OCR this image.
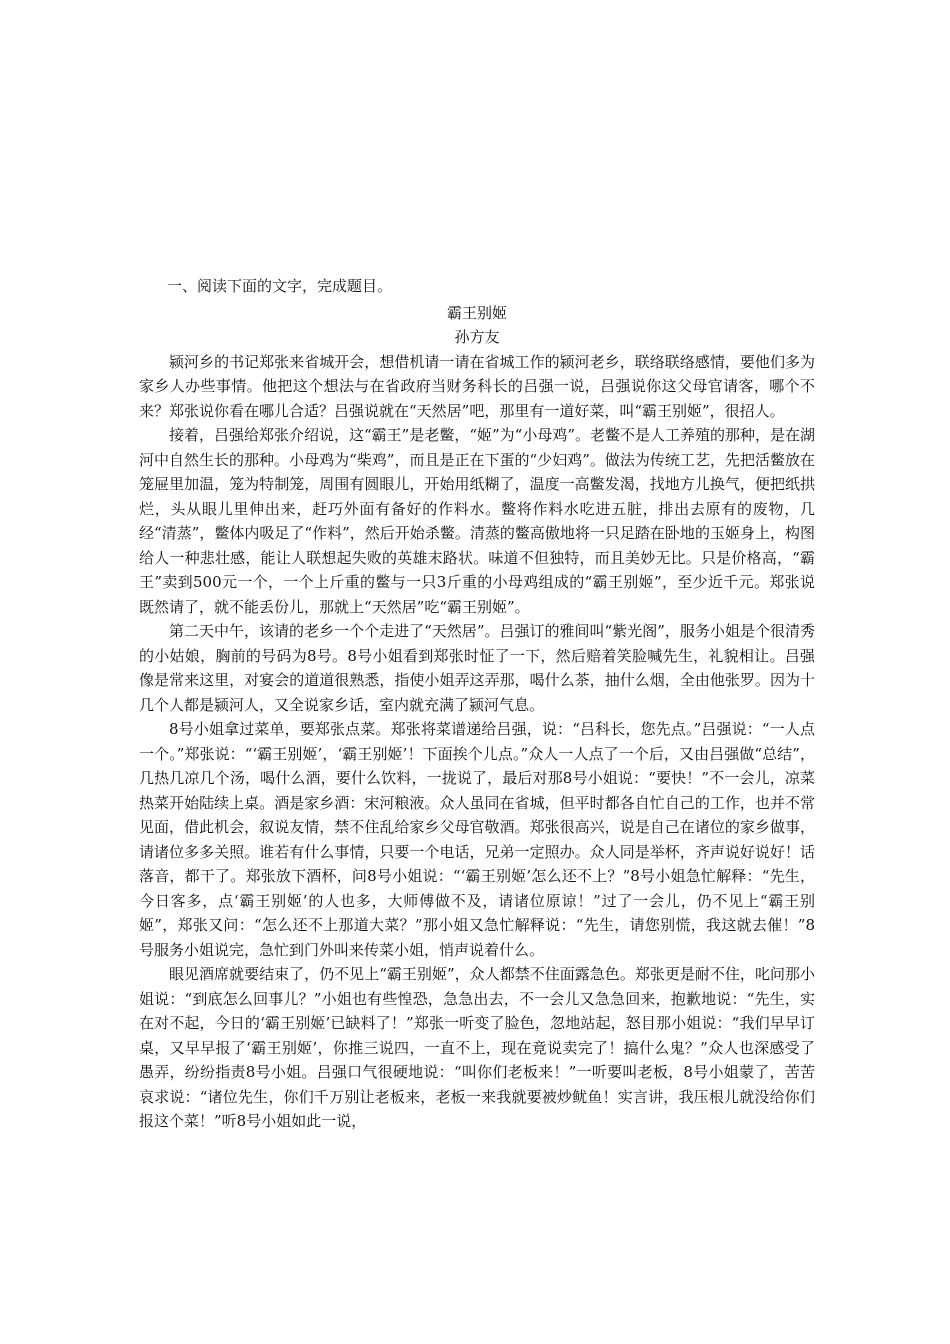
一、阅读下面的文字，完成题目。
霸王别姬
孙方友

颍河乡的书记郑张来省城开会，想借机请一请在省城工作的颍河老乡，联络联络感情，要他们多为家乡人办些事情。他把这个想法与在省政府当财务科长的吕强一说，吕强说你这父母官请客，哪个不来？郑张说你看在哪儿合适？吕强说就在“天然居”吧，那里有一道好菜，叫“霸王别姬”，很招人。

接着，吕强给郑张介绍说，这“霸王”是老鳖，“姬”为“小母鸡”。老鳖不是人工养殖的那种，是在湖河中自然生长的那种。小母鸡为“柴鸡”，而且是正在下蛋的“少妇鸡”。做法为传统工艺，先把活鳖放在笼屉里加温，笼为特制笼，周围有圆眼儿，开始用纸糊了，温度一高鳖发渴，找地方儿换气，便把纸拱烂，头从眼儿里伸出来，赶巧外面有备好的作料水。鳖将作料水吃进五脏，排出去原有的废物，几经“清蒸”，鳖体内吸足了“作料”，然后开始杀鳖。清蒸的鳖高傲地将一只足踏在卧地的玉姬身上，构图给人一种悲壮感，能让人联想起失败的英雄末路状。味道不但独特，而且美妙无比。只是价格高，“霸王”卖到500元一个，一个上斤重的鳖与一只3斤重的小母鸡组成的“霸王别姬”，至少近千元。郑张说既然请了，就不能丢份儿，那就上“天然居”吃“霸王别姬”。

第二天中午，该请的老乡一个个走进了“天然居”。吕强订的雅间叫“紫光阁”，服务小姐是个很清秀的小姑娘，胸前的号码为8号。8号小姐看到郑张时怔了一下，然后赔着笑脸喊先生，礼貌相让。吕强像是常来这里，对宴会的道道很熟悉，指使小姐弄这弄那，喝什么茶，抽什么烟，全由他张罗。因为十几个人都是颍河人，又全说家乡话，室内就充满了颍河气息。

8号小姐拿过菜单，要郑张点菜。郑张将菜谱递给吕强，说：“吕科长，您先点。”吕强说：“一人点一个。”郑张说：“‘霸王别姬’，‘霸王别姬’！下面挨个儿点。”众人一人点了一个后，又由吕强做“总结”，几热几凉几个汤，喝什么酒，要什么饮料，一拢说了，最后对那8号小姐说：“要快！”不一会儿，凉菜热菜开始陆续上桌。酒是家乡酒：宋河粮液。众人虽同在省城，但平时都各自忙自己的工作，也并不常见面，借此机会，叙说友情，禁不住乱给家乡父母官敬酒。郑张很高兴，说是自己在诸位的家乡做事，请诸位多多关照。谁若有什么事情，只要一个电话，兄弟一定照办。众人同是举杯，齐声说好说好！话落音，都干了。郑张放下酒杯，问8号小姐说：“‘霸王别姬’怎么还不上？”8号小姐急忙解释：“先生，今日客多，点‘霸王别姬’的人也多，大师傅做不及，请诸位原谅！”过了一会儿，仍不见上“霸王别姬”，郑张又问：“怎么还不上那道大菜？”那小姐又急忙解释说：“先生，请您别慌，我这就去催！”8号服务小姐说完，急忙到门外叫来传菜小姐，悄声说着什么。

眼见酒席就要结束了，仍不见上“霸王别姬”，众人都禁不住面露急色。郑张更是耐不住，叱问那小姐说：“到底怎么回事儿？”小姐也有些惶恐，急急出去，不一会儿又急急回来，抱歉地说：“先生，实在对不起，今日的‘霸王别姬’已缺料了！”郑张一听变了脸色，忽地站起，怒目那小姐说：“我们早早订桌，又早早报了‘霸王别姬’，你推三说四，一直不上，现在竟说卖完了！搞什么鬼？”众人也深感受了愚弄，纷纷指责8号小姐。吕强口气很硬地说：“叫你们老板来！”一听要叫老板，8号小姐蒙了，苦苦哀求说：“诸位先生，你们千万别让老板来，老板一来我就要被炒鱿鱼！实言讲，我压根儿就没给你们报这个菜！”听8号小姐如此一说，
